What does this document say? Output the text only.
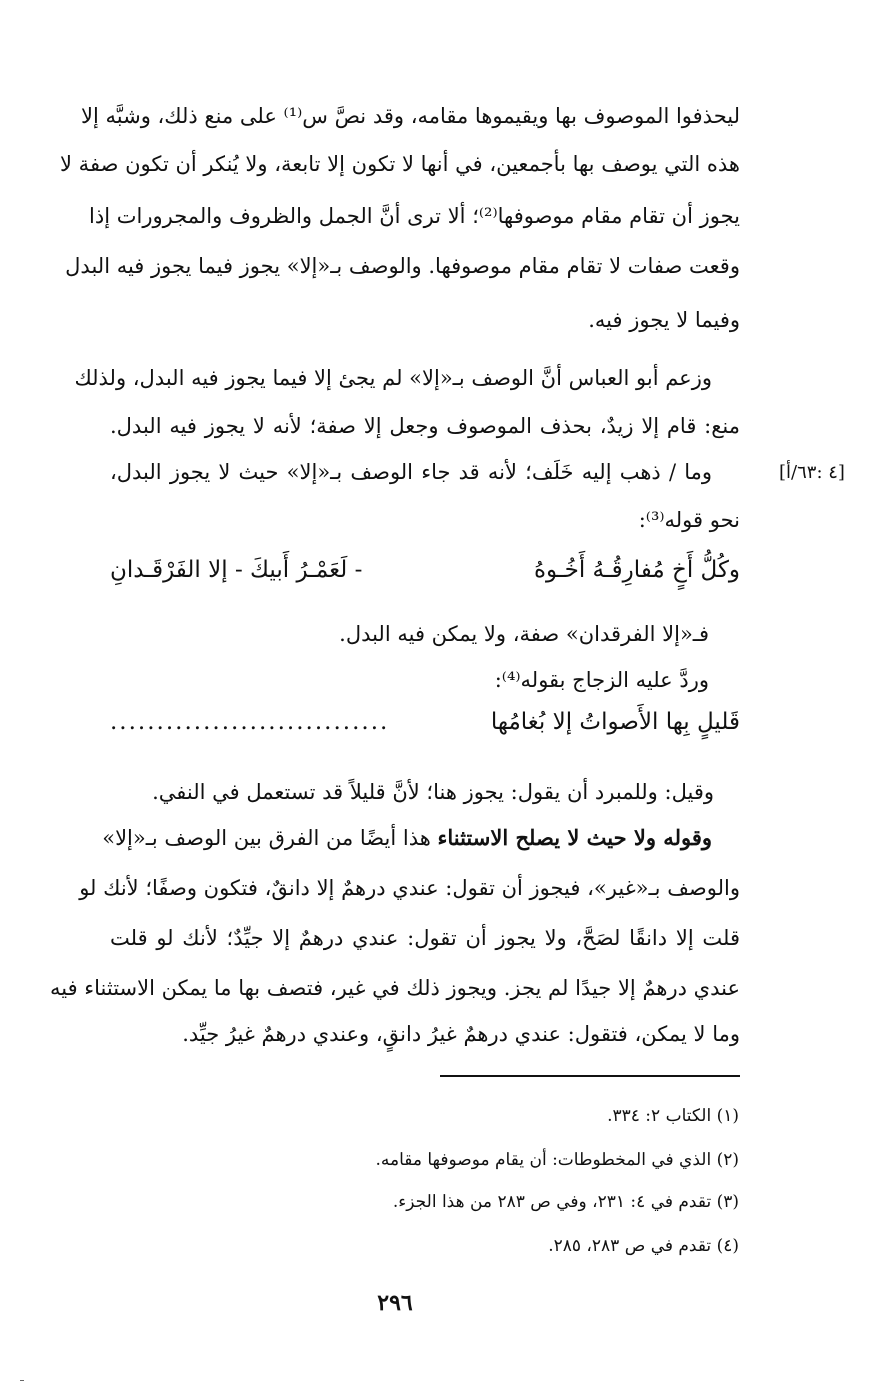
ليحذفوا الموصوف بها ويقيموها مقامه، وقد نصَّ س⁽¹⁾ على منع ذلك، وشبَّه إلا
هذه التي يوصف بها بأجمعين، في أنها لا تكون إلا تابعة، ولا يُنكر أن تكون صفة لا
يجوز أن تقام مقام موصوفها⁽²⁾؛ ألا ترى أنَّ الجمل والظروف والمجرورات إذا
وقعت صفات لا تقام مقام موصوفها. والوصف بـ«إلا» يجوز فيما يجوز فيه البدل
وفيما لا يجوز فيه.
وزعم أبو العباس أنَّ الوصف بـ«إلا» لم يجئ إلا فيما يجوز فيه البدل، ولذلك
منع: قام إلا زيدٌ، بحذف الموصوف وجعل إلا صفة؛ لأنه لا يجوز فيه البدل.
[٤ :٦٣/أ]
وما / ذهب إليه خَلَف؛ لأنه قد جاء الوصف بـ«إلا» حيث لا يجوز البدل،
نحو قوله⁽³⁾:
وكُلُّ أَخٍ مُفارِقُـهُ أَخُـوهُ
- لَعَمْـرُ أَبيكَ - إلا الفَرْقَـدانِ
فـ«إلا الفرقدان» صفة، ولا يمكن فيه البدل.
وردَّ عليه الزجاج بقوله⁽⁴⁾:
قَليلٍ بِها الأَصواتُ إلا بُغامُها
..............................
وقيل: وللمبرد أن يقول: يجوز هنا؛ لأنَّ قليلاً قد تستعمل في النفي.
وقوله ولا حيث لا يصلح الاستثناء هذا أيضًا من الفرق بين الوصف بـ«إلا»
والوصف بـ«غير»، فيجوز أن تقول: عندي درهمٌ إلا دانقٌ، فتكون وصفًا؛ لأنك لو
قلت إلا دانقًا لصَحَّ، ولا يجوز أن تقول: عندي درهمٌ إلا جيِّدٌ؛ لأنك لو قلت
عندي درهمٌ إلا جيدًا لم يجز. ويجوز ذلك في غير، فتصف بها ما يمكن الاستثناء فيه
وما لا يمكن، فتقول: عندي درهمٌ غيرُ دانقٍ، وعندي درهمٌ غيرُ جيِّد.
(١) الكتاب ٢: ٣٣٤.
(٢) الذي في المخطوطات: أن يقام موصوفها مقامه.
(٣) تقدم في ٤: ٢٣١، وفي ص ٢٨٣ من هذا الجزء.
(٤) تقدم في ص ٢٨٣، ٢٨٥.
٢٩٦
